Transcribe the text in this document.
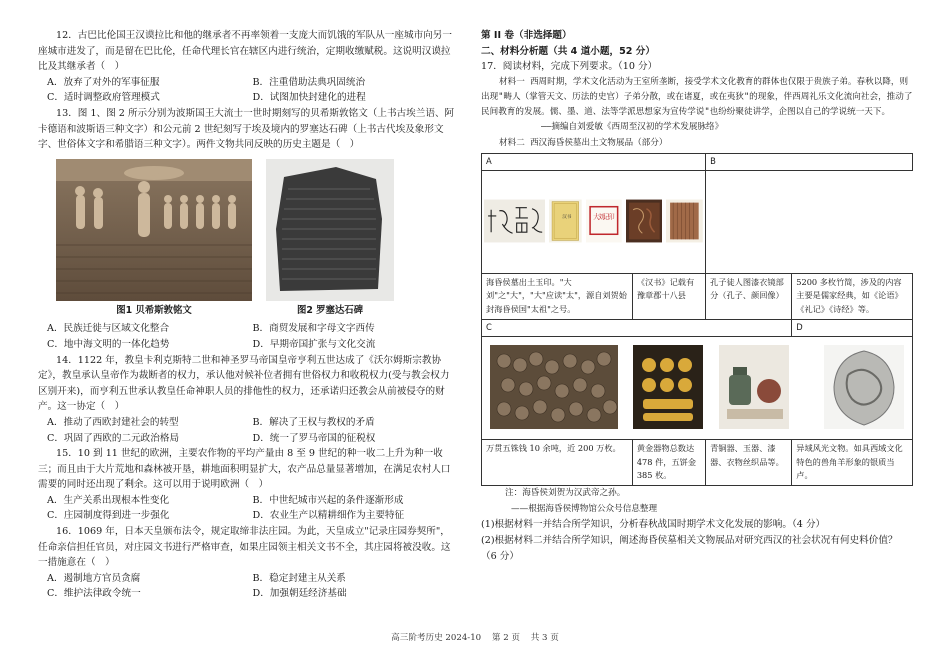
12．古巴比伦国王汉谟拉比和他的继承者不再率领着一支庞大而饥饿的军队从一座城市向另一座城市进发了，而是留在巴比伦，任命代理长官在辖区内进行统治，定期收缴赋税。这说明汉谟拉比及其继承者（　）

A．放弃了对外的军事征服	B．注重借助法典巩固统治
C．适时调整政府管理模式	D．试图加快封建化的进程

13．图 1、图 2 所示分别为波斯国王大流士一世时期刻写的贝希斯敦铭文（上书古埃兰语、阿卡德语和波斯语三种文字）和公元前 2 世纪刻写于埃及境内的罗塞达石碑（上书古代埃及象形文字、世俗体文字和希腊语三种文字）。两件文物共同反映的历史主题是（　）

图1 贝希斯敦铭文	图2 罗塞达石碑
A．民族迁徙与区域文化整合	B．商贸发展和字母文字西传
C．地中海文明的一体化趋势	D．早期帝国扩张与文化交流

14．1122 年，教皇卡利克斯特二世和神圣罗马帝国皇帝亨利五世达成了《沃尔姆斯宗教协定》，教皇承认皇帝作为裁断者的权力，承认他对候补位者拥有世俗权力和收税权力(受与教会权力区别开来)，而亨利五世承认教皇任命神职人员的排他性的权力，还承诺归还教会从前被侵夺的财产。这一协定（　）

A．推动了西欧封建社会的转型	B．解决了王权与教权的矛盾
C．巩固了西欧的二元政治格局	D．统一了罗马帝国的征税权

15．10 到 11 世纪的欧洲，主要农作物的平均产量由 8 至 9 世纪的种一收二上升为种一收三；而且由于大片荒地和森林被开垦，耕地面积明显扩大，农产品总量显著增加，在满足农村人口需要的同时还出现了剩余。这可以用于说明欧洲（　）

A．生产关系出现根本性变化	B．中世纪城市兴起的条件逐渐形成
C．庄园制度得到进一步强化	D．农业生产以精耕细作为主要特征

16．1069 年，日本天皇颁布法令，规定取缔非法庄园。为此，天皇成立"记录庄园券契所"，任命亲信担任官员，对庄园文书进行严格审查，如果庄园领主相关文书不全，其庄园将被没收。这一措施意在（　）

A．遏制地方官员贪腐	B．稳定封建主从关系
C．维护法律政令统一	D．加强朝廷经济基础

第 II 卷（非选择题）

二、材料分析题（共 4 道小题，52 分）

17．阅读材料，完成下列要求。（10 分）

材料一 西周时期，学术文化活动为王室所垄断，接受学术文化教育的群体也仅限于贵族子弟。春秋以降，则出现"畴人（掌管天文、历法的史官）子弟分散，或在诸夏，或在夷狄"的现象，伴西周礼乐文化流向社会，推动了民间教育的发展。儒、墨、道、法等学派思想家为宣传学说"也纷纷聚徒讲学，企图以自己的学说统一天下。

——摘编自刘爱敏《西周至汉初的学术发展脉络》

材料二 西汉海昏侯墓出土文物展品（部分）

A		B	

汉书 大 刘 记 印			

海昏侯墓出土玉印。"大刘"之"大"，"大"应读"太"，源自刘贺始封海昏侯国"太祖"之号。	《汉书》记载有豫章郡十八县	孔子徒人图漆衣镜部分（孔子、颜回像）	5200 多枚竹简，涉及的内容主要是儒家经典，如《论语》《礼记》《诗经》等。
C			D

万贯五铢钱 10 余吨，近 200 万枚。	黄金器物总数达 478 件，五饼金 385 枚。	青铜器、玉器、漆器、衣物丝织品等。	异域风光文物。如具西域文化特色的兽角羊形象的银质当卢。

注：海昏侯刘贺为汉武帝之孙。

——根据海昏侯博物馆公众号信息整理

(1)根据材料一并结合所学知识，分析春秋战国时期学术文化发展的影响。（4 分）

(2)根据材料二并结合所学知识，阐述海昏侯墓相关文物展品对研究西汉的社会状况有何史料价值？（6 分）

高三阶考历史 2024-10 第 2 页 共 3 页
